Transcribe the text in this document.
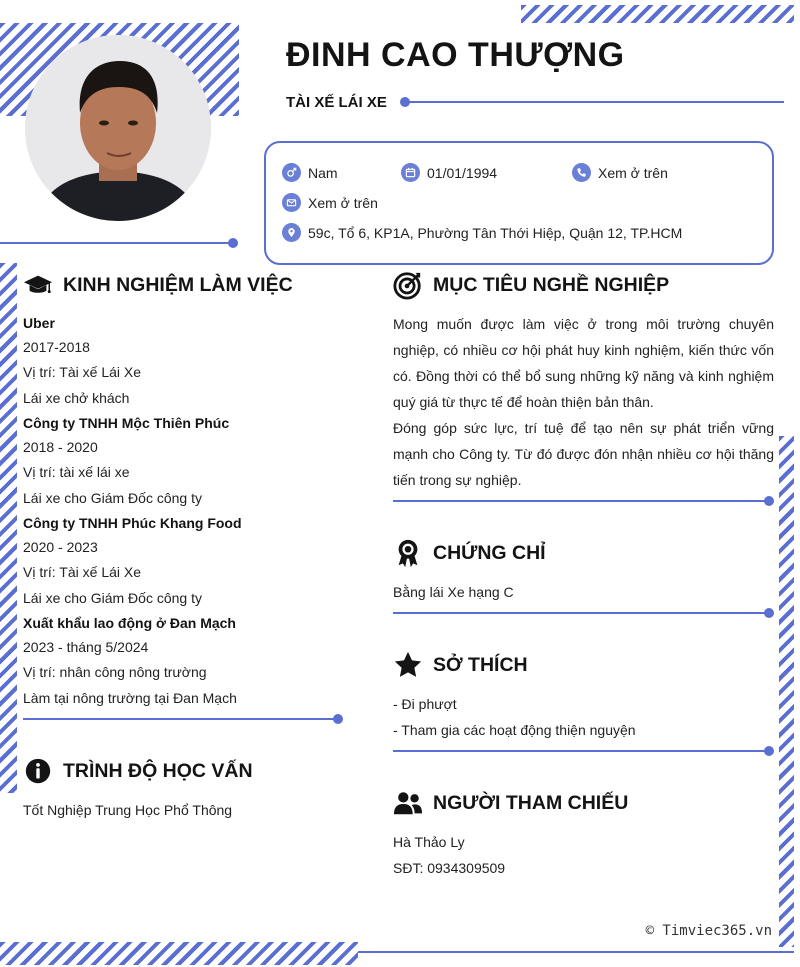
ĐINH CAO THƯỢNG
TÀI XẾ LÁI XE
Nam	01/01/1994	Xem ở trên
Xem ở trên
59c, Tổ 6, KP1A, Phường Tân Thới Hiệp, Quận 12, TP.HCM
KINH NGHIỆM LÀM VIỆC
Uber
2017-2018
Vị trí: Tài xế Lái Xe
Lái xe chở khách
Công ty TNHH Mộc Thiên Phúc
2018 - 2020
Vị trí: tài xế lái xe
Lái xe cho Giám Đốc công ty
Công ty TNHH Phúc Khang Food
2020 - 2023
Vị trí: Tài xế Lái Xe
Lái xe cho Giám Đốc công ty
Xuất khẩu lao động ở Đan Mạch
2023 - tháng 5/2024
Vị trí: nhân công nông trường
Làm tại nông trường tại Đan Mạch
TRÌNH ĐỘ HỌC VẤN
Tốt Nghiệp Trung Học Phổ Thông
MỤC TIÊU NGHỀ NGHIỆP
Mong muốn được làm việc ở trong môi trường chuyên nghiệp, có nhiều cơ hội phát huy kinh nghiệm, kiến thức vốn có. Đồng thời có thể bổ sung những kỹ năng và kinh nghiệm quý giá từ thực tế để hoàn thiện bản thân.
Đóng góp sức lực, trí tuệ để tạo nên sự phát triển vững mạnh cho Công ty. Từ đó được đón nhận nhiều cơ hội thăng tiến trong sự nghiệp.
CHỨNG CHỈ
Bằng lái Xe hạng C
SỞ THÍCH
- Đi phượt
- Tham gia các hoạt động thiện nguyện
NGƯỜI THAM CHIẾU
Hà Thảo Ly
SĐT: 0934309509
© Timviec365.vn
